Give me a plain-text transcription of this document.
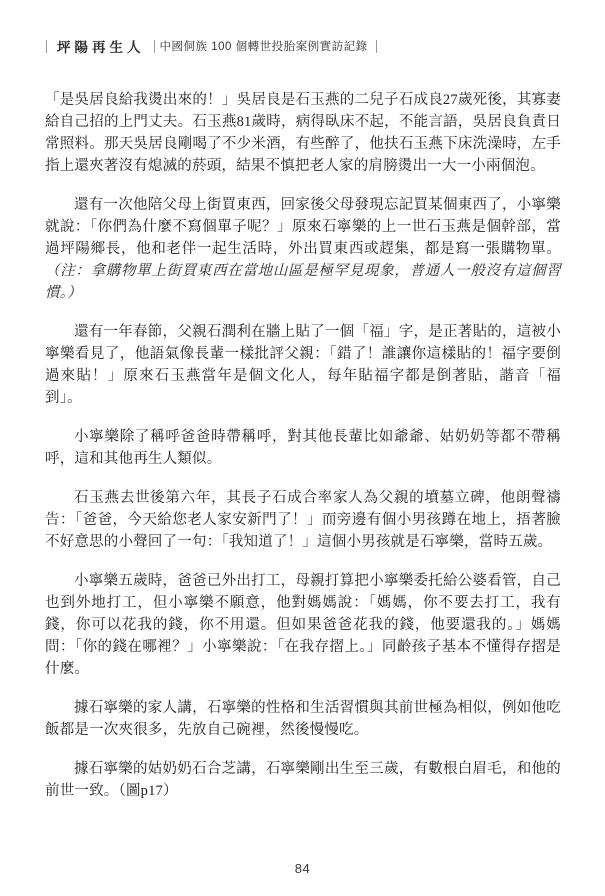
坪陽再生人 中國侗族 100 個轉世投胎案例實訪記錄

「是吳居良給我燙出來的！」吳居良是石玉燕的二兒子石成良27歲死後，其寡妻給自己招的上門丈夫。石玉燕81歲時，病得臥床不起，不能言語，吳居良負責日常照料。那天吳居良剛喝了不少米酒，有些醉了，他扶石玉燕下床洗澡時，左手指上還夾著沒有熄滅的菸頭，結果不慎把老人家的肩膀燙出一大一小兩個泡。

還有一次他陪父母上街買東西，回家後父母發現忘記買某個東西了，小寧樂就說：「你們為什麼不寫個單子呢？」原來石寧樂的上一世石玉燕是個幹部，當過坪陽鄉長，他和老伴一起生活時，外出買東西或趕集，都是寫一張購物單。（注：拿購物單上街買東西在當地山區是極罕見現象，普通人一般沒有這個習慣。）

還有一年春節，父親石潤利在牆上貼了一個「福」字，是正著貼的，這被小寧樂看見了，他語氣像長輩一樣批評父親：「錯了！誰讓你這樣貼的！福字要倒過來貼！」原來石玉燕當年是個文化人，每年貼福字都是倒著貼，諧音「福到」。

小寧樂除了稱呼爸爸時帶稱呼，對其他長輩比如爺爺、姑奶奶等都不帶稱呼，這和其他再生人類似。

石玉燕去世後第六年，其長子石成合率家人為父親的墳墓立碑，他朗聲禱告：「爸爸，今天給您老人家安新門了！」而旁邊有個小男孩蹲在地上，捂著臉不好意思的小聲回了一句：「我知道了！」這個小男孩就是石寧樂，當時五歲。

小寧樂五歲時，爸爸已外出打工，母親打算把小寧樂委托給公婆看管，自己也到外地打工，但小寧樂不願意，他對媽媽說：「媽媽，你不要去打工，我有錢，你可以花我的錢，你不用還。但如果爸爸花我的錢，他要還我的。」媽媽問：「你的錢在哪裡？」小寧樂說：「在我存摺上。」同齡孩子基本不懂得存摺是什麼。

據石寧樂的家人講，石寧樂的性格和生活習慣與其前世極為相似，例如他吃飯都是一次夾很多，先放自己碗裡，然後慢慢吃。

據石寧樂的姑奶奶石合芝講，石寧樂剛出生至三歲，有數根白眉毛，和他的前世一致。（圖p17）

84
